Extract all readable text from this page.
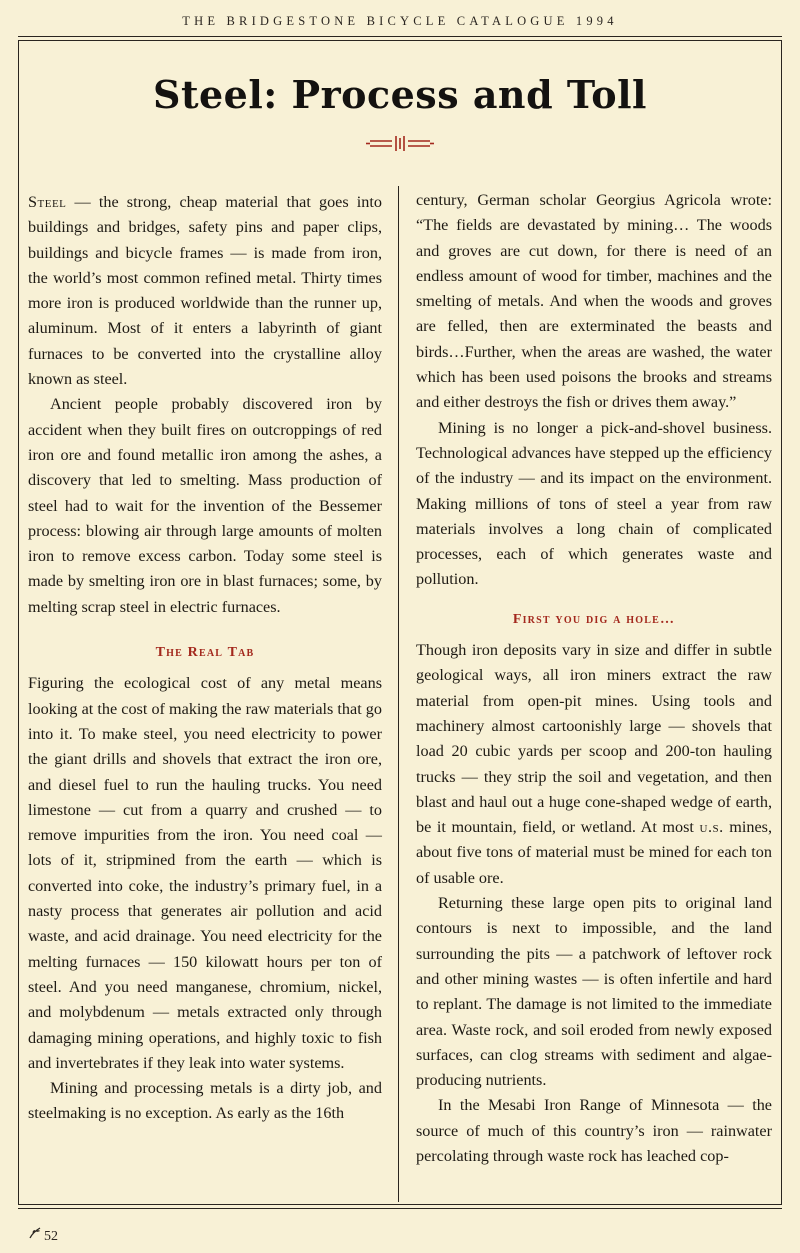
THE BRIDGESTONE BICYCLE CATALOGUE 1994
Steel: Process and Toll

Steel — the strong, cheap material that goes into buildings and bridges, safety pins and paper clips, buildings and bicycle frames — is made from iron, the world’s most common refined metal. Thirty times more iron is produced worldwide than the runner up, aluminum. Most of it enters a labyrinth of giant furnaces to be converted into the crystalline alloy known as steel.

Ancient people probably discovered iron by accident when they built fires on outcroppings of red iron ore and found metallic iron among the ashes, a discovery that led to smelting. Mass production of steel had to wait for the invention of the Bessemer process: blowing air through large amounts of molten iron to remove excess carbon. Today some steel is made by smelting iron ore in blast furnaces; some, by melting scrap steel in electric furnaces.

The Real Tab

Figuring the ecological cost of any metal means looking at the cost of making the raw materials that go into it. To make steel, you need electricity to power the giant drills and shovels that extract the iron ore, and diesel fuel to run the hauling trucks. You need limestone — cut from a quarry and crushed — to remove impurities from the iron. You need coal — lots of it, stripmined from the earth — which is converted into coke, the industry’s primary fuel, in a nasty process that generates air pollution and acid waste, and acid drainage. You need electricity for the melting furnaces — 150 kilowatt hours per ton of steel. And you need manganese, chromium, nickel, and molybdenum — metals extracted only through damaging mining operations, and highly toxic to fish and invertebrates if they leak into water systems.

Mining and processing metals is a dirty job, and steelmaking is no exception. As early as the 16th

century, German scholar Georgius Agricola wrote: “The fields are devastated by mining… The woods and groves are cut down, for there is need of an endless amount of wood for timber, machines and the smelting of metals. And when the woods and groves are felled, then are exterminated the beasts and birds…Further, when the areas are washed, the water which has been used poisons the brooks and streams and either destroys the fish or drives them away.”

Mining is no longer a pick-and-shovel business. Technological advances have stepped up the efficiency of the industry — and its impact on the environment. Making millions of tons of steel a year from raw materials involves a long chain of complicated processes, each of which generates waste and pollution.

First you dig a hole…

Though iron deposits vary in size and differ in subtle geological ways, all iron miners extract the raw material from open-pit mines. Using tools and machinery almost cartoonishly large — shovels that load 20 cubic yards per scoop and 200-ton hauling trucks — they strip the soil and vegetation, and then blast and haul out a huge cone-shaped wedge of earth, be it mountain, field, or wetland. At most u.s. mines, about five tons of material must be mined for each ton of usable ore.

Returning these large open pits to original land contours is next to impossible, and the land surrounding the pits — a patchwork of leftover rock and other mining wastes — is often infertile and hard to replant. The damage is not limited to the immediate area. Waste rock, and soil eroded from newly exposed surfaces, can clog streams with sediment and algae-producing nutrients.

In the Mesabi Iron Range of Minnesota — the source of much of this country’s iron — rainwater percolating through waste rock has leached cop-

52
